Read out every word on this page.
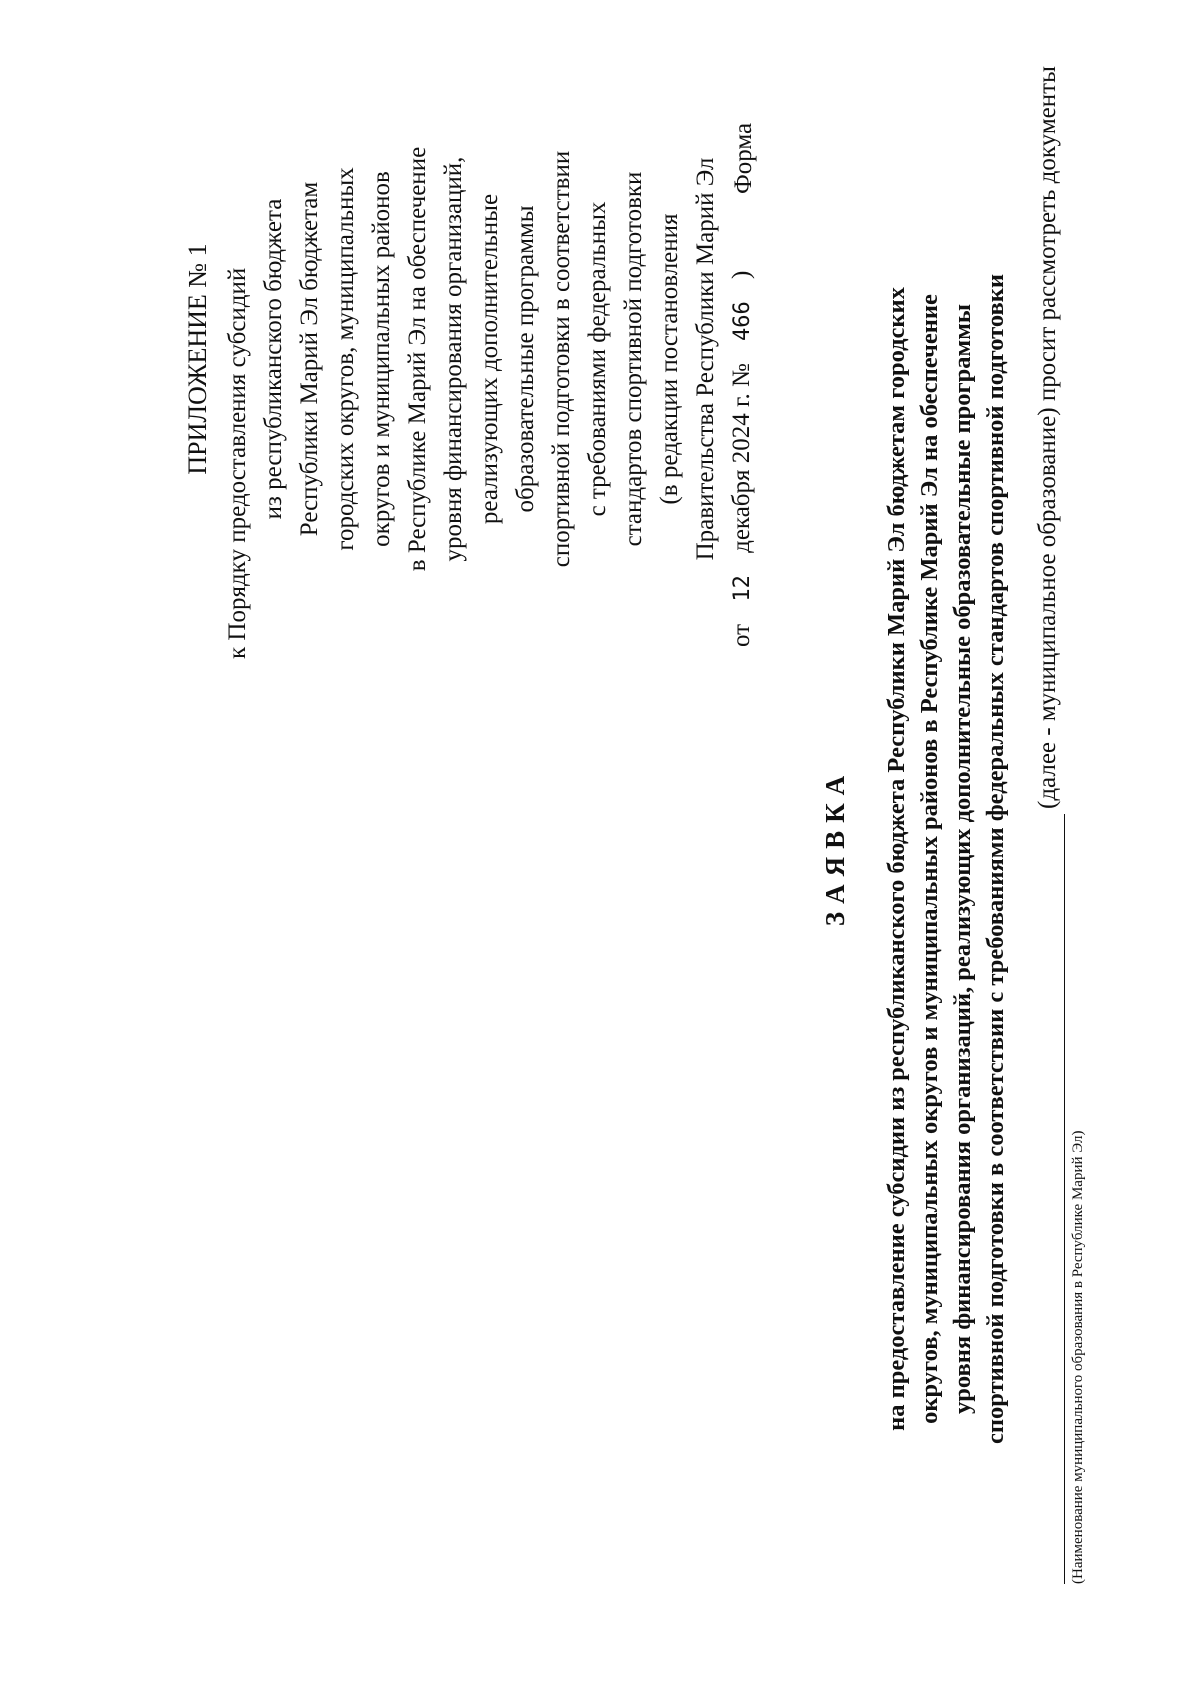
ПРИЛОЖЕНИЕ № 1 к Порядку предоставления субсидий из республиканского бюджета Республики Марий Эл бюджетам городских округов, муниципальных округов и муниципальных районов в Республике Марий Эл на обеспечение уровня финансирования организаций, реализующих дополнительные образовательные программы спортивной подготовки в соответствии с требованиями федеральных стандартов спортивной подготовки (в редакции постановления Правительства Республики Марий Эл
от 12 декабря 2024 г. № 466 )
Форма
ЗАЯВКА на предоставление субсидии из республиканского бюджета Республики Марий Эл бюджетам городских округов, муниципальных округов и муниципальных районов в Республике Марий Эл на обеспечение уровня финансирования организаций, реализующих дополнительные образовательные программы спортивной подготовки в соответствии с требованиями федеральных стандартов спортивной подготовки	(Наименование муниципального образования в Республике Марий Эл)
(далее - муниципальное образование) просит рассмотреть документы
